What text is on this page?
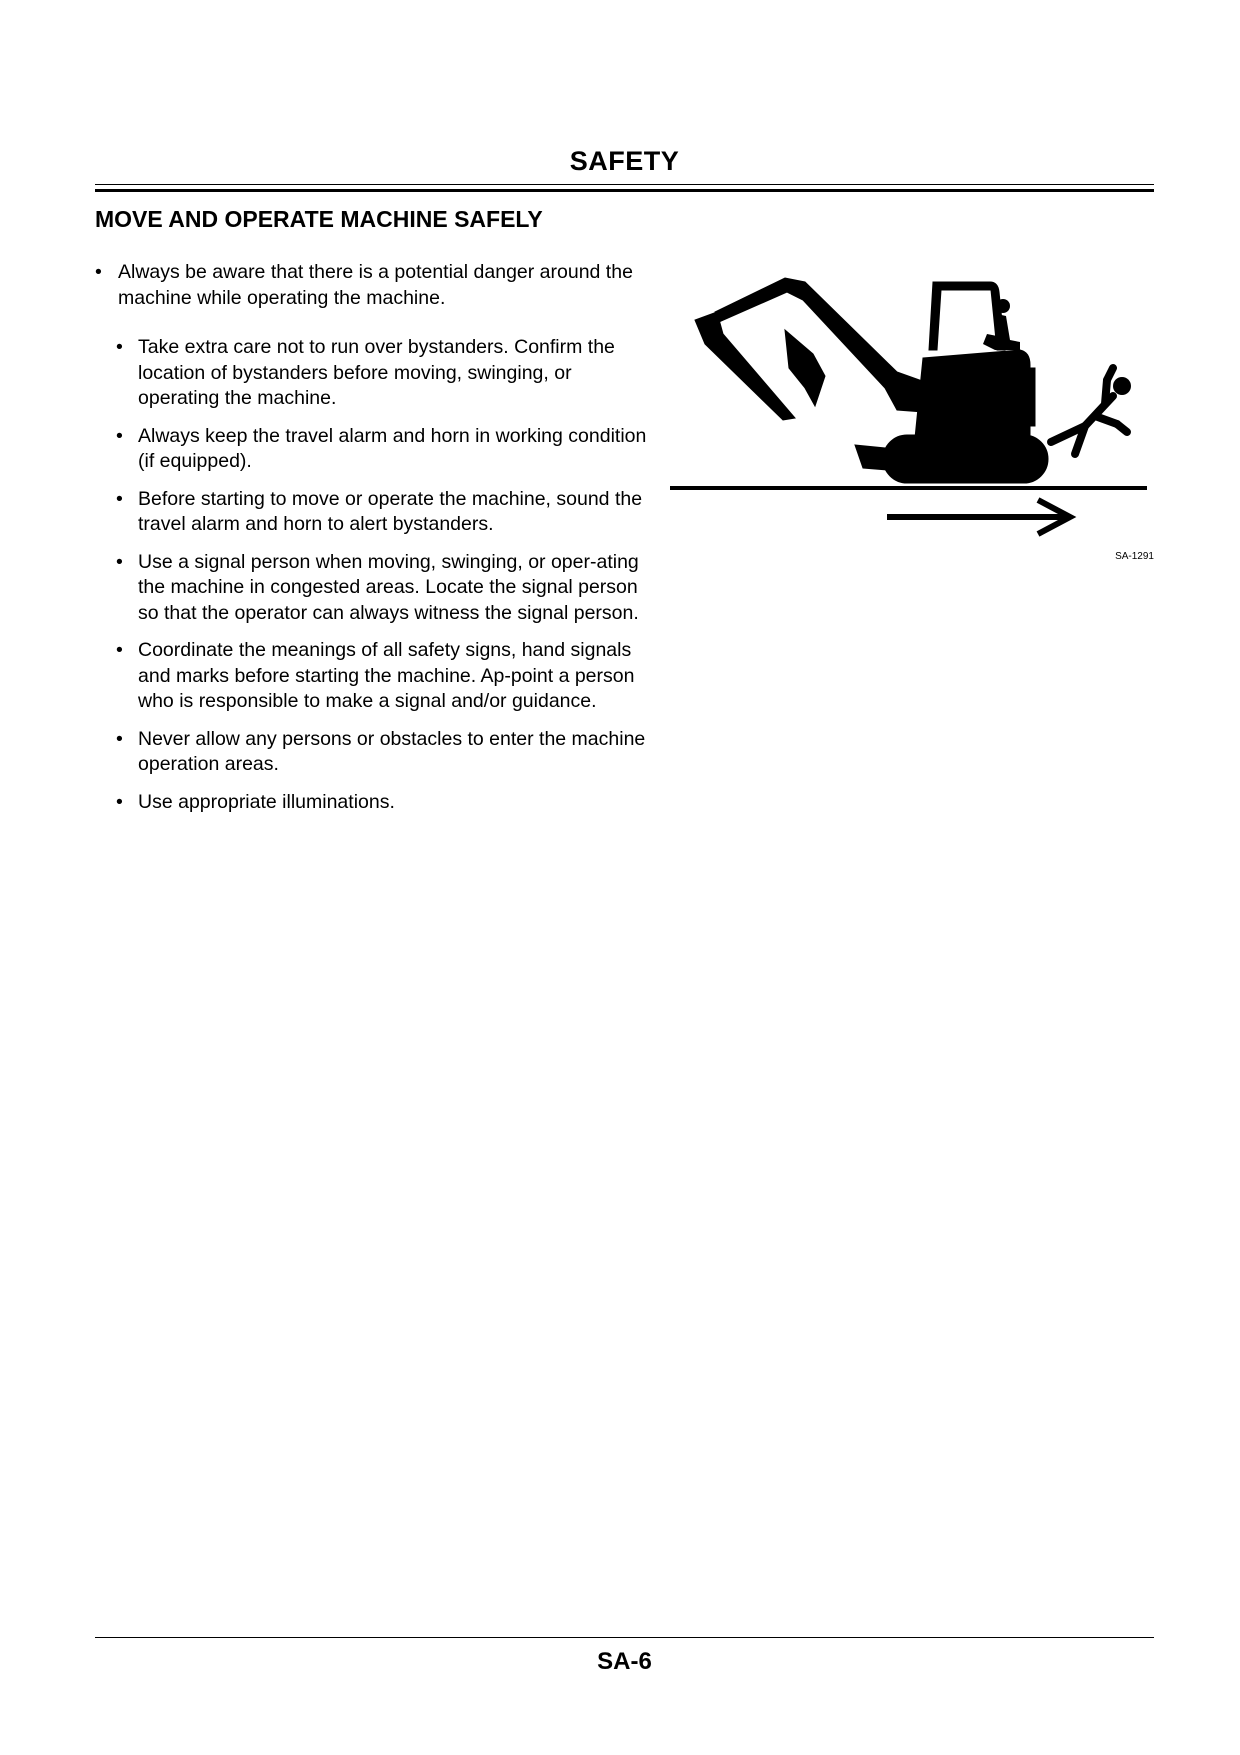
SAFETY
MOVE AND OPERATE MACHINE SAFELY
• Always be aware that there is a potential danger around the machine while operating the machine.
• Take extra care not to run over bystanders. Confirm the location of bystanders before moving, swinging, or operating the machine.
• Always keep the travel alarm and horn in working condition (if equipped).
• Before starting to move or operate the machine, sound the travel alarm and horn to alert bystanders.
• Use a signal person when moving, swinging, or oper-ating the machine in congested areas. Locate the signal person so that the operator can always witness the signal person.
• Coordinate the meanings of all safety signs, hand signals and marks before starting the machine. Ap-point a person who is responsible to make a signal and/or guidance.
• Never allow any persons or obstacles to enter the machine operation areas.
• Use appropriate illuminations.
SA-1291
SA-6
